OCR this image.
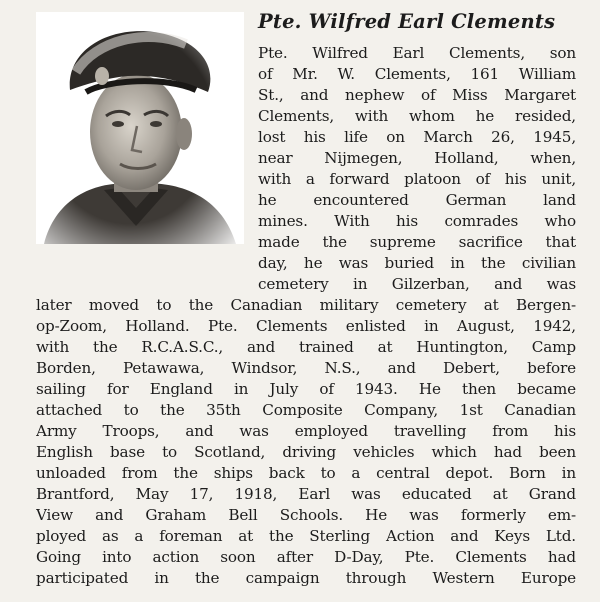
Pte. Wilfred Earl Clements

Pte. Wilfred Earl Clements, son

of Mr. W. Clements, 161 William

St., and nephew of Miss Margaret

Clements, with whom he resided,

lost his life on March 26, 1945,

near Nijmegen, Holland, when,

with a forward platoon of his unit,

he encountered German land

mines. With his comrades who

made the supreme sacrifice that

day, he was buried in the civilian

cemetery in Gilzerban, and was

later moved to the Canadian military cemetery at Bergen-

op-Zoom, Holland. Pte. Clements enlisted in August, 1942,

with the R.C.A.S.C., and trained at Huntington, Camp

Borden, Petawawa, Windsor, N.S., and Debert, before

sailing for England in July of 1943. He then became

attached to the 35th Composite Company, 1st Canadian

Army Troops, and was employed travelling from his

English base to Scotland, driving vehicles which had been

unloaded from the ships back to a central depot. Born in

Brantford, May 17, 1918, Earl was educated at Grand

View and Graham Bell Schools. He was formerly em-

ployed as a foreman at the Sterling Action and Keys Ltd.

Going into action soon after D-Day, Pte. Clements had

participated in the campaign through Western Europe
